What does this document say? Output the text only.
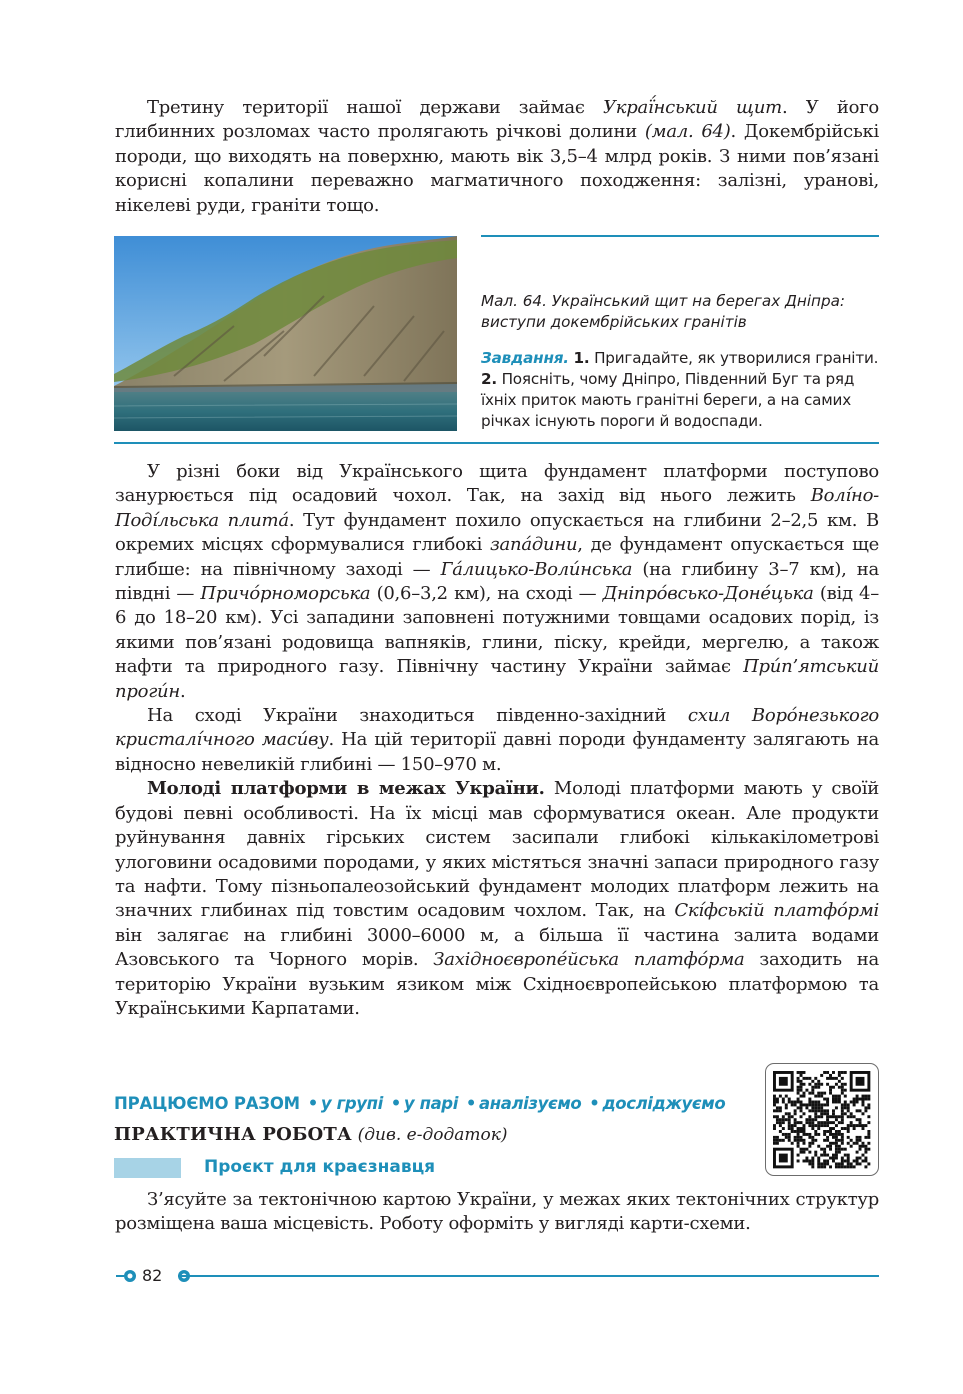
Третину території нашої держави займає Украї́нський щит. У його глибинних розломах часто пролягають річкові долини (мал. 64). Докембрійські породи, що виходять на поверхню, мають вік 3,5–4 млрд років. З ними пов’язані корисні копалини переважно магматичного походження: залізні, уранові, нікелеві руди, граніти тощо.

Мал. 64. Український щит на берегах Дніпра: виступи докембрійських гранітів

Завдання. 1. Пригадайте, як утворилися граніти. 2. Поясніть, чому Дніпро, Південний Буг та ряд їхніх приток мають гранітні береги, а на самих річках існують пороги й водоспади.

У різні боки від Українського щита фундамент платформи поступово занурюється під осадовий чохол. Так, на захід від нього лежить Волíно-Поді́льська плита́. Тут фундамент похило опускається на глибини 2–2,5 км. В окремих місцях сформувалися глибокі запáдини, де фундамент опускається ще глибше: на північному заході — Гáлицько-Волúнська (на глибину 3–7 км), на півдні — Причóрноморська (0,6–3,2 км), на сході — Дніпрóвсько-Донéцька (від 4–6 до 18–20 км). Усі западини заповнені потужними товщами осадових порід, із якими пов’язані родовища вапняків, глини, піску, крейди, мергелю, а також нафти та природного газу. Північну частину України займає Прúп’ятський прогúн.
На сході України знаходиться південно-західний схил Ворóнезького кристалíчного масúву. На цій території давні породи фундаменту залягають на відносно невеликій глибині — 150–970 м.
Молоді платформи в межах України. Молоді платформи мають у своїй будові певні особливості. На їх місці мав сформуватися океан. Але продукти руйнування давніх гірських систем засипали глибокі кількакілометрові улоговини осадовими породами, у яких містяться значні запаси природного газу та нафти. Тому пізньопалеозойський фундамент молодих платформ лежить на значних глибинах під товстим осадовим чохлом. Так, на Скíфській платфóрмі він залягає на глибині 3000–6000 м, а більша її частина залита водами Азовського та Чорного морів. Західноєвропéйська платфóрма заходить на територію України вузьким язиком між Східноєвропейською платформою та Українськими Карпатами.
ПРАЦЮЄМО РАЗОМ • у групі • у парі • аналізуємо • досліджуємо
ПРАКТИЧНА РОБОТА (див. е-додаток)
Проєкт для краєзнавця

З’ясуйте за тектонічною картою України, у межах яких тектонічних структур розміщена ваша місцевість. Роботу оформіть у вигляді карти-схеми.

82
